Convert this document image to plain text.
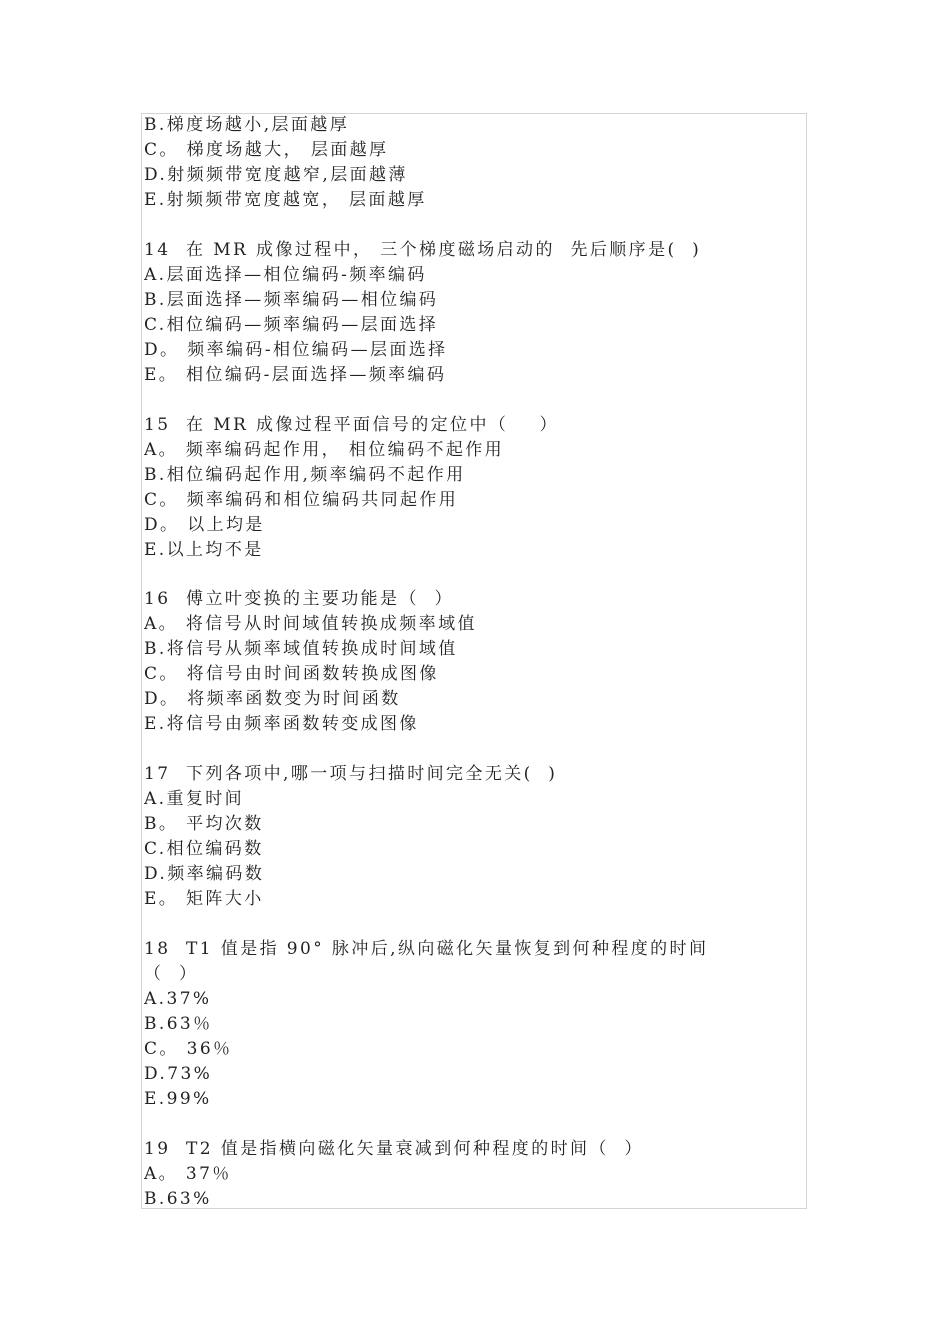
B.梯度场越小,层面越厚
C。 梯度场越大， 层面越厚
D.射频频带宽度越窄,层面越薄
E.射频频带宽度越宽， 层面越厚
14  在 MR 成像过程中， 三个梯度磁场启动的  先后顺序是(  )
A.层面选择—相位编码-频率编码
B.层面选择—频率编码—相位编码
C.相位编码—频率编码—层面选择
D。 频率编码-相位编码—层面选择
E。 相位编码-层面选择—频率编码
15  在 MR 成像过程平面信号的定位中（    ）
A。 频率编码起作用， 相位编码不起作用
B.相位编码起作用,频率编码不起作用
C。 频率编码和相位编码共同起作用
D。 以上均是
E.以上均不是
16  傅立叶变换的主要功能是（  ）
A。 将信号从时间域值转换成频率域值
B.将信号从频率域值转换成时间域值
C。 将信号由时间函数转换成图像
D。 将频率函数变为时间函数
E.将信号由频率函数转变成图像
17  下列各项中,哪一项与扫描时间完全无关(  )
A.重复时间
B。 平均次数
C.相位编码数
D.频率编码数
E。 矩阵大小
18  T1 值是指 90° 脉冲后,纵向磁化矢量恢复到何种程度的时间
（  ）
A.37%
B.63％
C。 36％
D.73%
E.99%
19  T2 值是指横向磁化矢量衰减到何种程度的时间（  ）
A。 37％
B.63%
